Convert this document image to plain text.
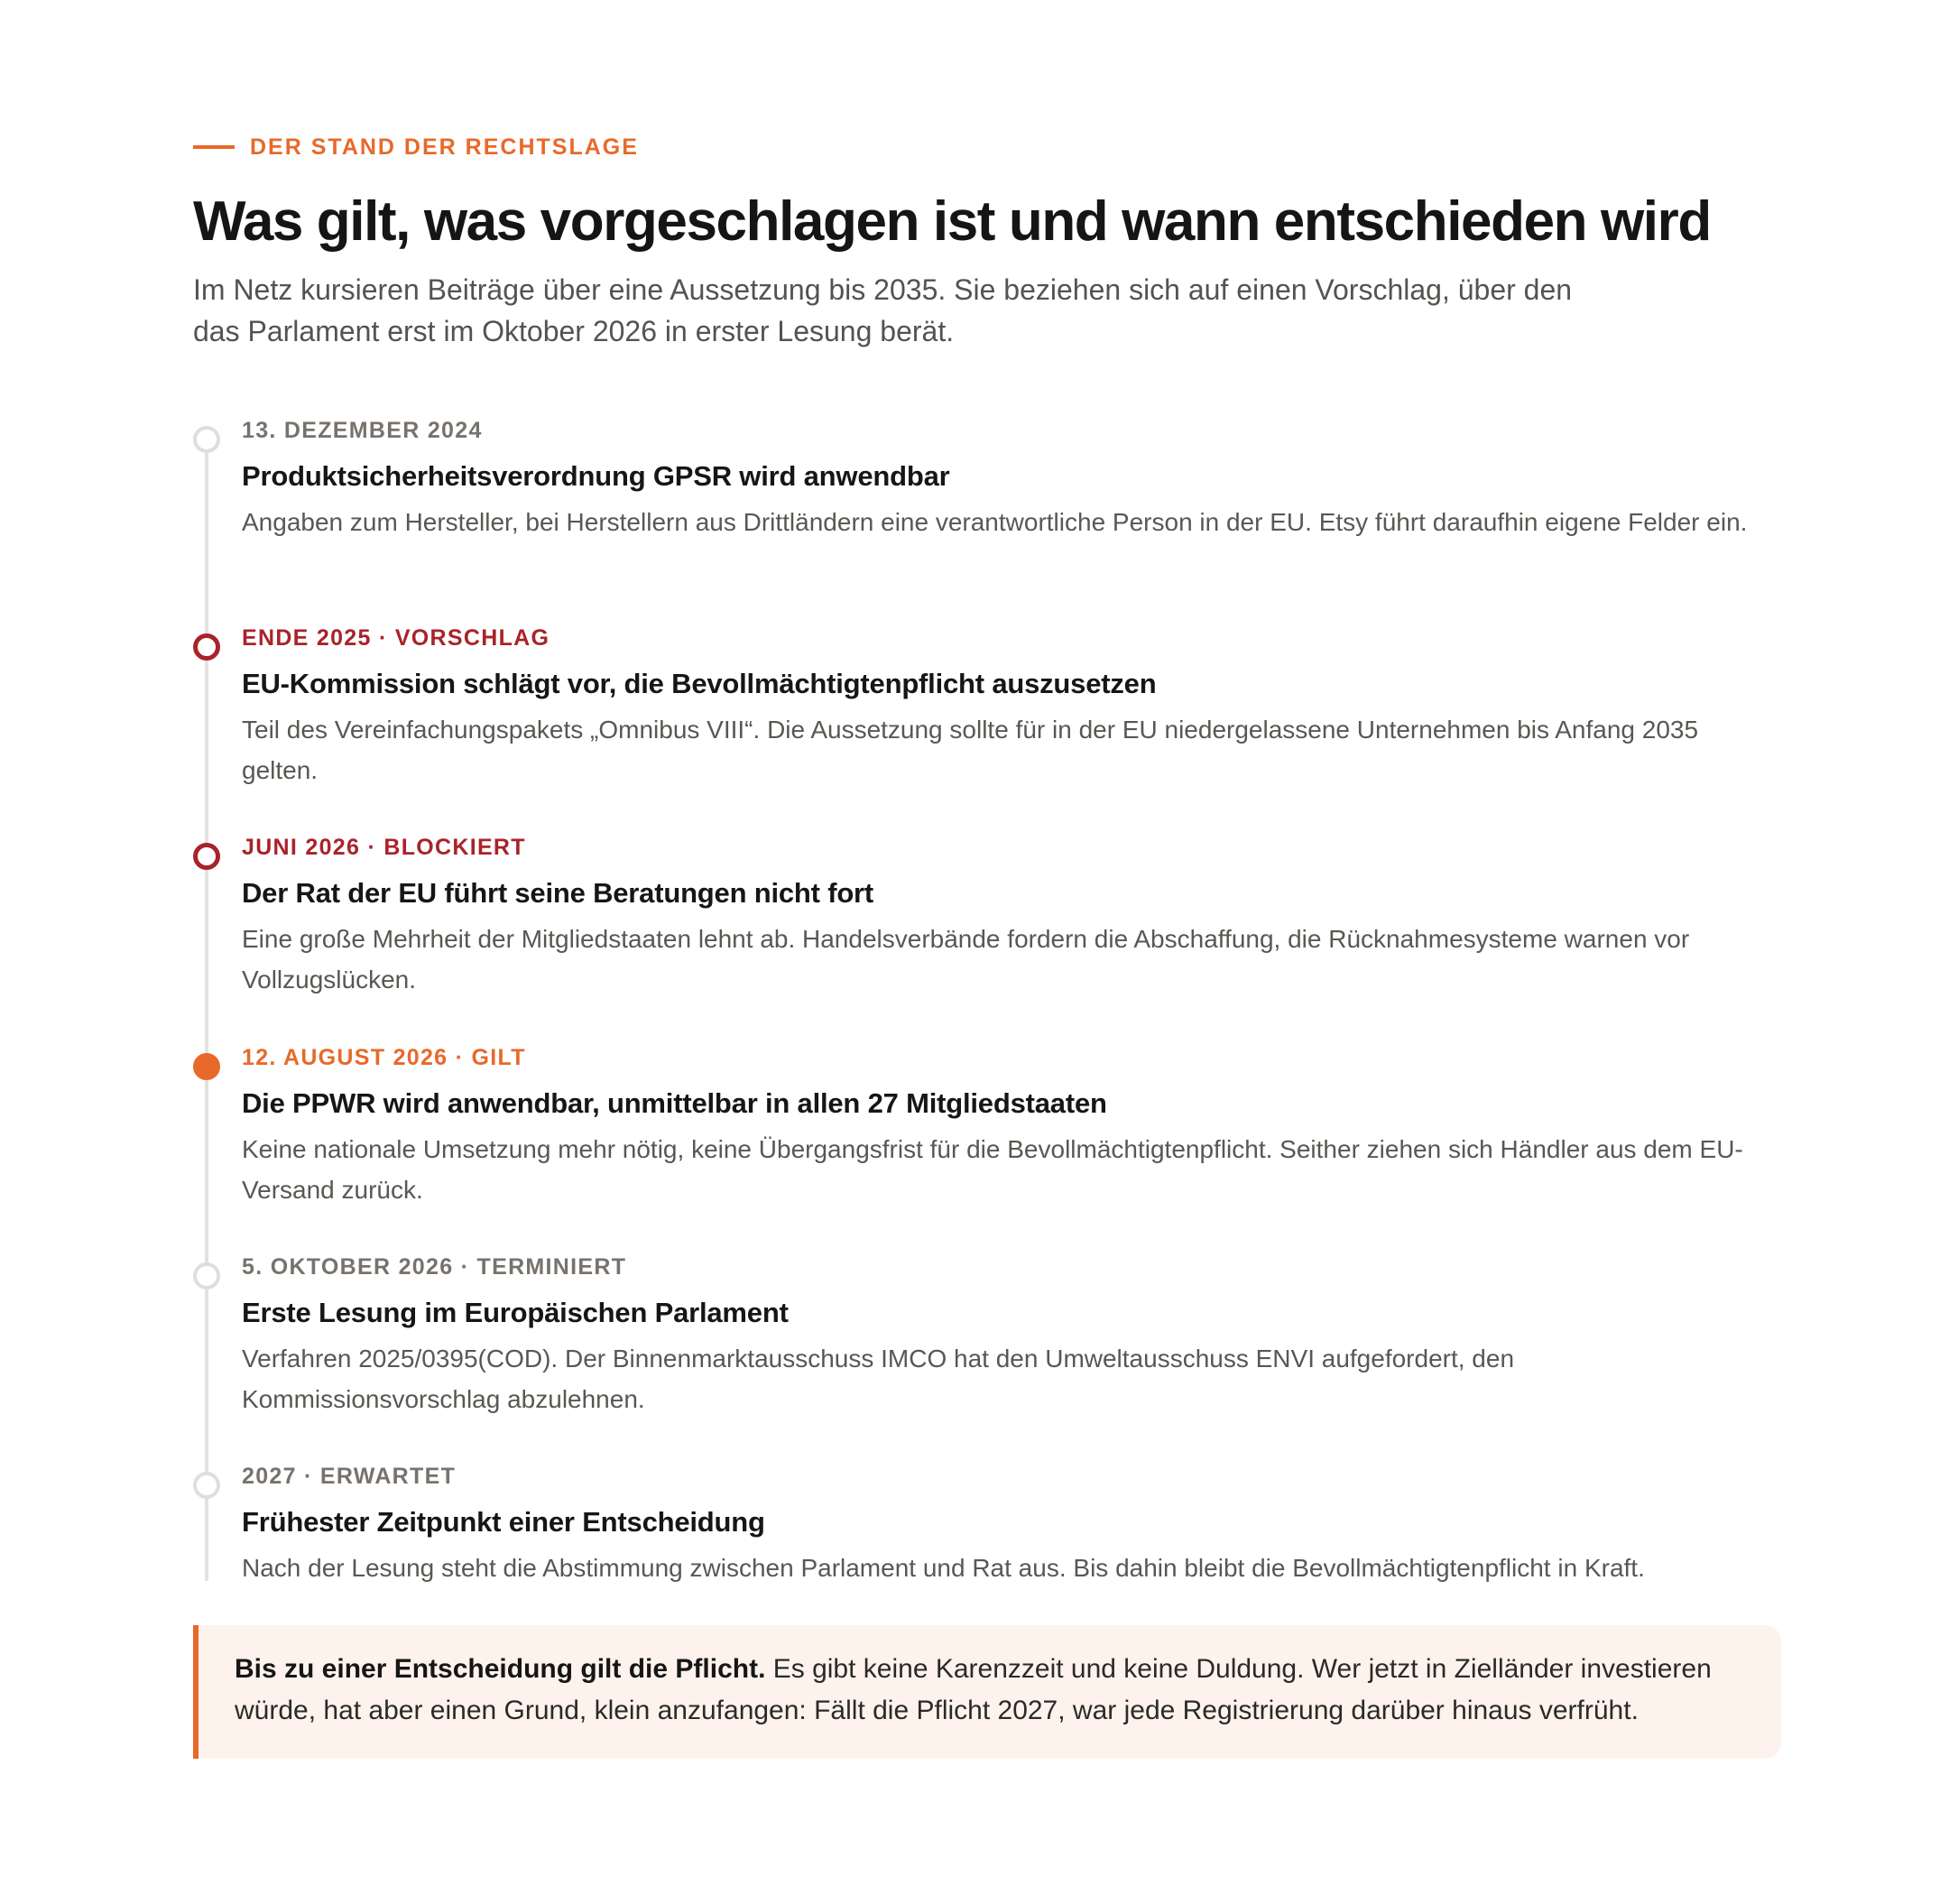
DER STAND DER RECHTSLAGE
Was gilt, was vorgeschlagen ist und wann entschieden wird

Im Netz kursieren Beiträge über eine Aussetzung bis 2035. Sie beziehen sich auf einen Vorschlag, über den das Parlament erst im Oktober 2026 in erster Lesung berät.

13. DEZEMBER 2024
Produktsicherheitsverordnung GPSR wird anwendbar
Angaben zum Hersteller, bei Herstellern aus Drittländern eine verantwortliche Person in der EU. Etsy führt daraufhin eigene Felder ein.
ENDE 2025 · VORSCHLAG
EU-Kommission schlägt vor, die Bevollmächtigtenpflicht auszusetzen
Teil des Vereinfachungspakets „Omnibus VIII“. Die Aussetzung sollte für in der EU niedergelassene Unternehmen bis Anfang 2035 gelten.
JUNI 2026 · BLOCKIERT
Der Rat der EU führt seine Beratungen nicht fort
Eine große Mehrheit der Mitgliedstaaten lehnt ab. Handelsverbände fordern die Abschaffung, die Rücknahmesysteme warnen vor Vollzugslücken.
12. AUGUST 2026 · GILT
Die PPWR wird anwendbar, unmittelbar in allen 27 Mitgliedstaaten
Keine nationale Umsetzung mehr nötig, keine Übergangsfrist für die Bevollmächtigtenpflicht. Seither ziehen sich Händler aus dem EU-Versand zurück.
5. OKTOBER 2026 · TERMINIERT
Erste Lesung im Europäischen Parlament
Verfahren 2025/0395(COD). Der Binnenmarktausschuss IMCO hat den Umweltausschuss ENVI aufgefordert, den Kommissionsvorschlag abzulehnen.
2027 · ERWARTET
Frühester Zeitpunkt einer Entscheidung
Nach der Lesung steht die Abstimmung zwischen Parlament und Rat aus. Bis dahin bleibt die Bevollmächtigtenpflicht in Kraft.
Bis zu einer Entscheidung gilt die Pflicht. Es gibt keine Karenzzeit und keine Duldung. Wer jetzt in Zielländer investieren würde, hat aber einen Grund, klein anzufangen: Fällt die Pflicht 2027, war jede Registrierung darüber hinaus verfrüht.
